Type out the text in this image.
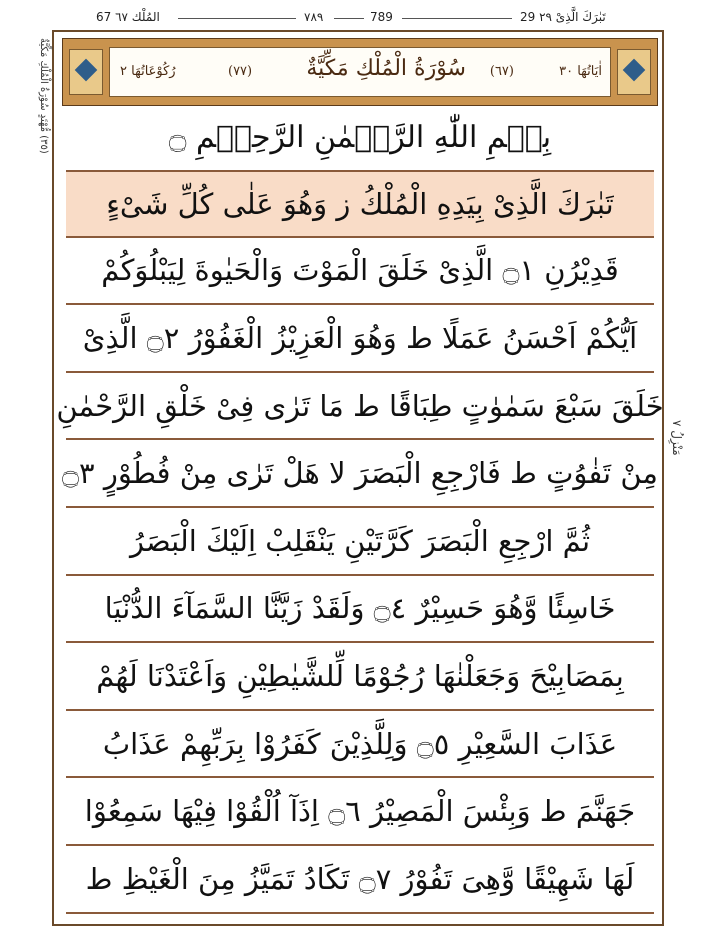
67 المُلْك ٦٧	٧٨٩	789	29 تَبٰرَكَ الَّذِیْ ٢٩
(٣٥) مُّهْتَدٍ سُوْرَةُ الْمُلْكِ مَكِّيَّةٌ
مَنْزِلُ ٧
اٰیَاتُهَا ٣٠
(٦٧)
سُوْرَةُ الْمُلْكِ مَكِّيَّةٌ
(٧٧)
رُكُوْعَاتُهَا ٢
بِسۡمِ اللّٰهِ الرَّحۡمٰنِ الرَّحِیۡمِ ۝
تَبٰرَكَ الَّذِیْ بِیَدِهِ الْمُلْكُ ز وَهُوَ عَلٰی كُلِّ شَیْءٍ
قَدِیْرُنِ ۝١ الَّذِیْ خَلَقَ الْمَوْتَ وَالْحَیٰوةَ لِیَبْلُوَكُمْ
اَیُّكُمْ اَحْسَنُ عَمَلًا ط وَهُوَ الْعَزِیْزُ الْغَفُوْرُ ۝٢ الَّذِیْ
خَلَقَ سَبْعَ سَمٰوٰتٍ طِبَاقًا ط مَا تَرٰی فِیْ خَلْقِ الرَّحْمٰنِ
مِنْ تَفٰوُتٍ ط فَارْجِعِ الْبَصَرَ لا هَلْ تَرٰی مِنْ فُطُوْرٍ ۝٣
ثُمَّ ارْجِعِ الْبَصَرَ كَرَّتَیْنِ یَنْقَلِبْ اِلَیْكَ الْبَصَرُ
خَاسِئًا وَّهُوَ حَسِیْرٌ ۝٤ وَلَقَدْ زَیَّنَّا السَّمَآءَ الدُّنْیَا
بِمَصَابِیْحَ وَجَعَلْنٰهَا رُجُوْمًا لِّلشَّیٰطِیْنِ وَاَعْتَدْنَا لَهُمْ
عَذَابَ السَّعِیْرِ ۝٥ وَلِلَّذِیْنَ كَفَرُوْا بِرَبِّهِمْ عَذَابُ
جَهَنَّمَ ط وَبِئْسَ الْمَصِیْرُ ۝٦ اِذَآ اُلْقُوْا فِیْهَا سَمِعُوْا
لَهَا شَهِیْقًا وَّهِیَ تَفُوْرُ ۝٧ تَكَادُ تَمَیَّزُ مِنَ الْغَیْظِ ط
